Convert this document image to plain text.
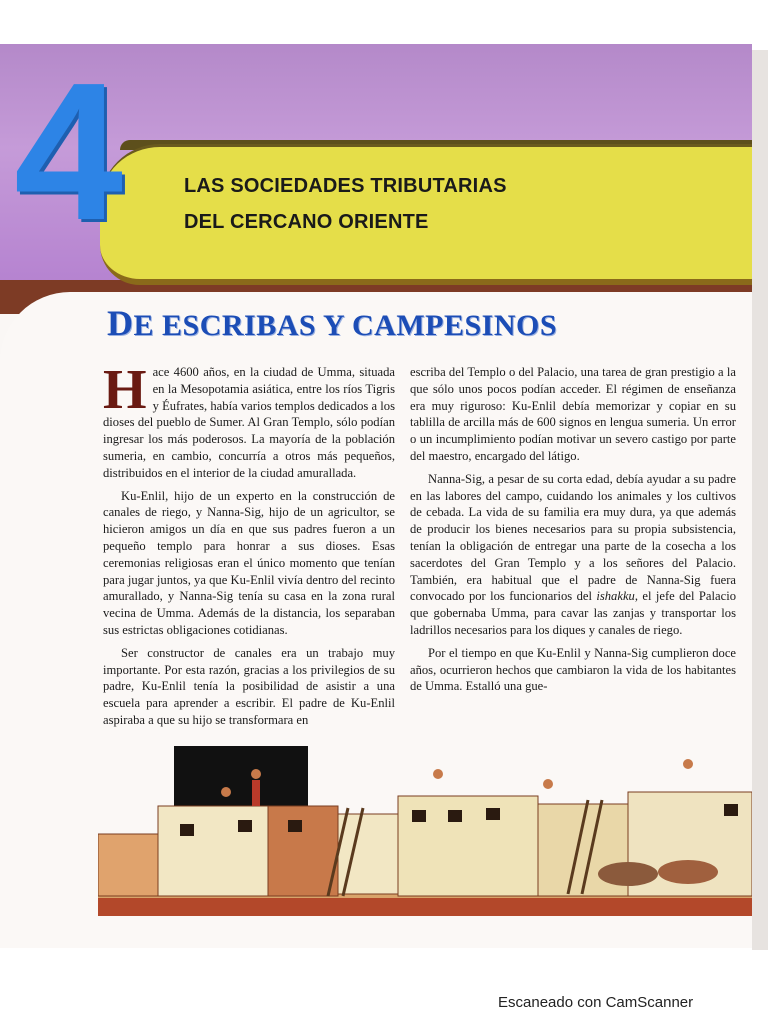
4	LAS SOCIEDADES TRIBUTARIAS
DEL CERCANO ORIENTE
DE ESCRIBAS Y CAMPESINOS

Hace 4600 años, en la ciudad de Umma, situada en la Mesopotamia asiática, entre los ríos Tigris y Éufrates, había varios templos dedicados a los dioses del pueblo de Sumer. Al Gran Templo, sólo podían ingresar los más poderosos. La mayoría de la población sumeria, en cambio, concurría a otros más pequeños, distribuidos en el interior de la ciudad amurallada.

Ku-Enlil, hijo de un experto en la construcción de canales de riego, y Nanna-Sig, hijo de un agricultor, se hicieron amigos un día en que sus padres fueron a un pequeño templo para honrar a sus dioses. Esas ceremonias religiosas eran el único momento que tenían para jugar juntos, ya que Ku-Enlil vivía dentro del recinto amurallado, y Nanna-Sig tenía su casa en la zona rural vecina de Umma. Además de la distancia, los separaban sus estrictas obligaciones cotidianas.

Ser constructor de canales era un trabajo muy importante. Por esta razón, gracias a los privilegios de su padre, Ku-Enlil tenía la posibilidad de asistir a una escuela para aprender a escribir. El padre de Ku-Enlil aspiraba a que su hijo se transformara en

escriba del Templo o del Palacio, una tarea de gran prestigio a la que sólo unos pocos podían acceder. El régimen de enseñanza era muy riguroso: Ku-Enlil debía memorizar y copiar en su tablilla de arcilla más de 600 signos en lengua sumeria. Un error o un incumplimiento podían motivar un severo castigo por parte del maestro, encargado del látigo.

Nanna-Sig, a pesar de su corta edad, debía ayudar a su padre en las labores del campo, cuidando los animales y los cultivos de cebada. La vida de su familia era muy dura, ya que además de producir los bienes necesarios para su propia subsistencia, tenían la obligación de entregar una parte de la cosecha a los sacerdotes del Gran Templo y a los señores del Palacio. También, era habitual que el padre de Nanna-Sig fuera convocado por los funcionarios del ishakku, el jefe del Palacio que gobernaba Umma, para cavar las zanjas y transportar los ladrillos necesarios para los diques y canales de riego.

Por el tiempo en que Ku-Enlil y Nanna-Sig cumplieron doce años, ocurrieron hechos que cambiaron la vida de los habitantes de Umma. Estalló una gue-

Escaneado con CamScanner
